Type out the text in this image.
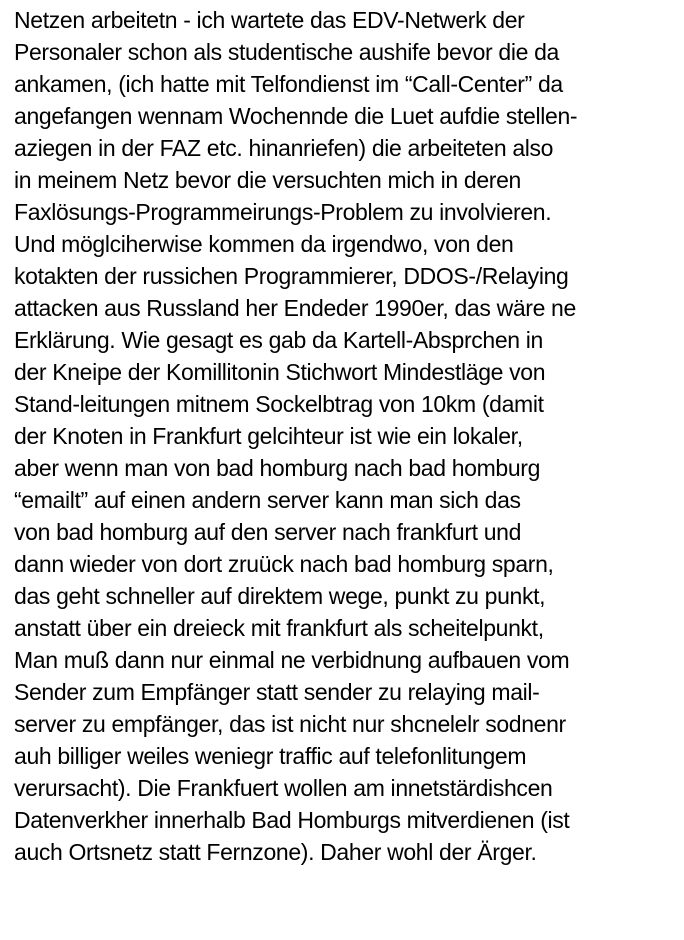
Netzen arbeitetn - ich wartete das EDV-Netwerk der
Personaler schon als studentische aushife bevor die da
ankamen, (ich hatte mit Telfondienst im “Call-Center” da
angefangen wennam Wochennde die Luet aufdie stellen-
aziegen in der FAZ etc. hinanriefen) die arbeiteten also
in meinem Netz bevor die versuchten mich in deren
Faxlösungs-Programmeirungs-Problem zu involvieren.
Und möglciherwise kommen da irgendwo, von den
kotakten der russichen Programmierer, DDOS-/Relaying
attacken aus Russland her Endeder 1990er, das wäre ne
Erklärung. Wie gesagt es gab da Kartell-Absprchen in
der Kneipe der Komillitonin Stichwort Mindestläge von
Stand-leitungen mitnem Sockelbtrag von 10km (damit
der Knoten in Frankfurt gelcihteur ist wie ein lokaler,
aber wenn man von bad homburg nach bad homburg
“emailt” auf einen andern server kann man sich das
von bad homburg auf den server nach frankfurt und
dann wieder von dort zruück nach bad homburg sparn,
das geht schneller auf direktem wege, punkt zu punkt,
anstatt über ein dreieck mit frankfurt als scheitelpunkt,
Man muß dann nur einmal ne verbidnung aufbauen vom
Sender zum Empfänger statt sender zu relaying mail-
server zu empfänger, das ist nicht nur shcnelelr sodnenr
auh billiger weiles weniegr traffic auf telefonlitungem
verursacht). Die Frankfuert wollen am innetstärdishcen
Datenverkher innerhalb Bad Homburgs mitverdienen (ist
auch Ortsnetz statt Fernzone). Daher wohl der Ärger.
